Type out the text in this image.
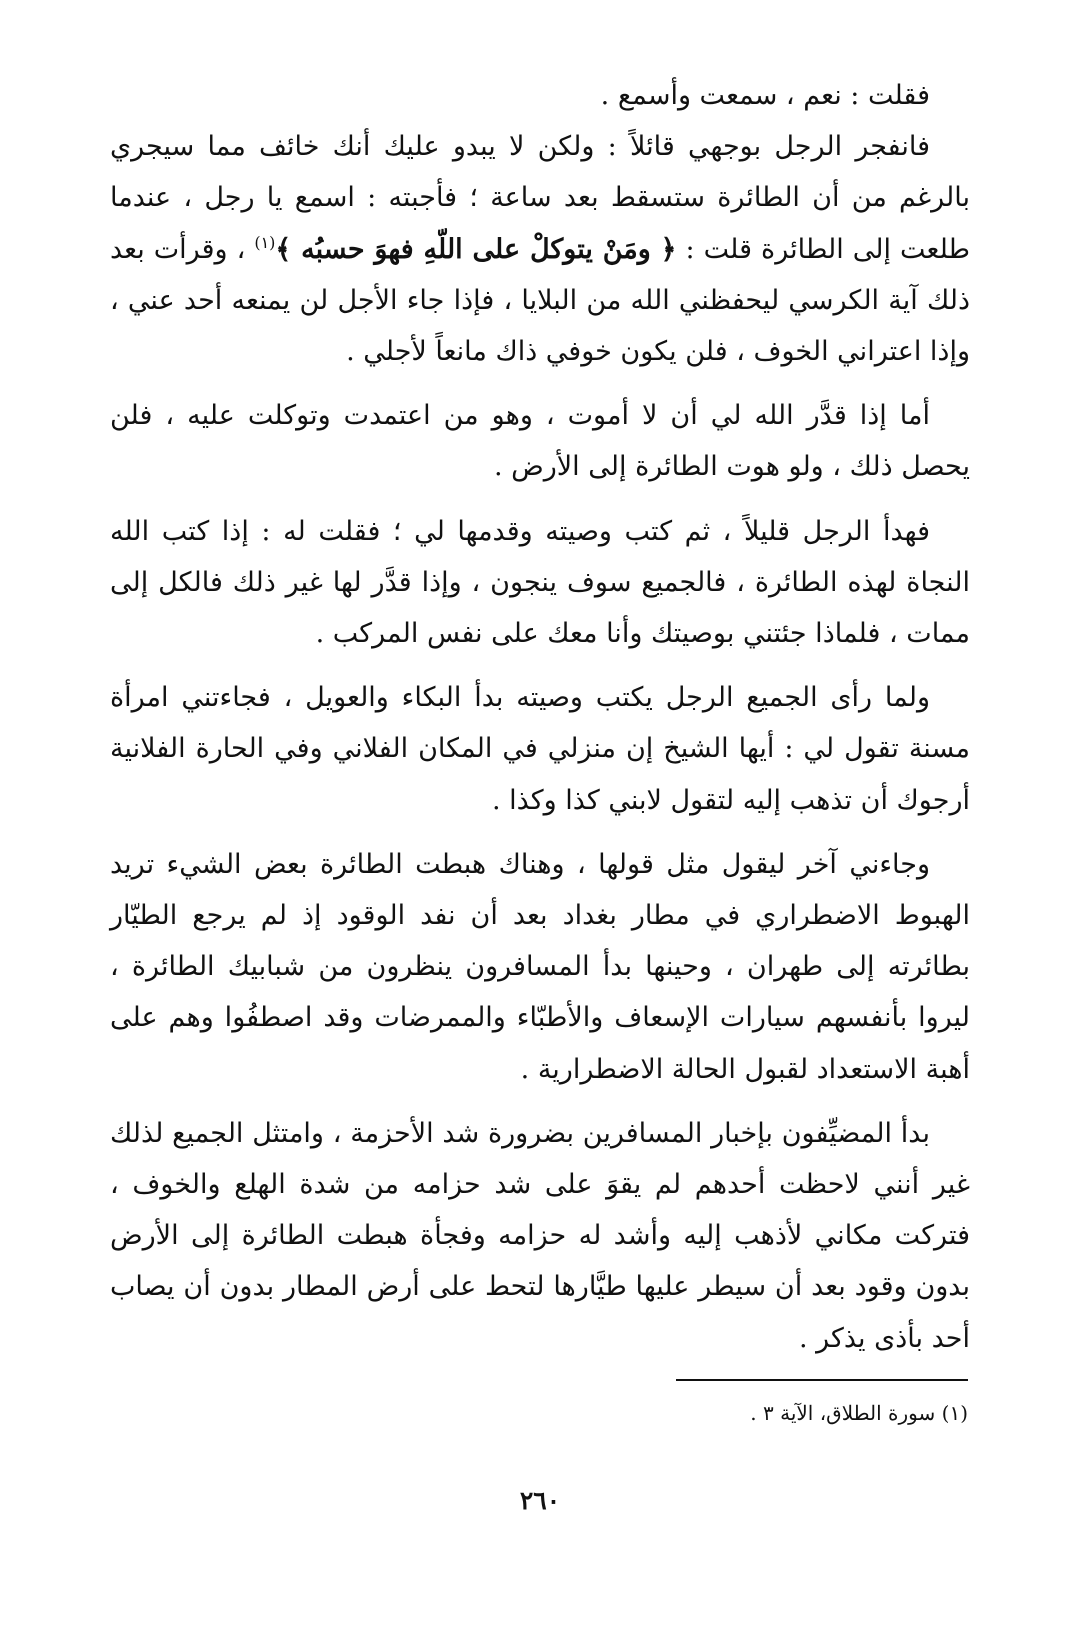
فقلت : نعم ، سمعت وأسمع .

فانفجر الرجل بوجهي قائلاً : ولكن لا يبدو عليك أنك خائف مما سيجري بالرغم من أن الطائرة ستسقط بعد ساعة ؛ فأجبته : اسمع يا رجل ، عندما طلعت إلى الطائرة قلت : ﴿ ومَنْ يتوكلْ على اللّهِ فهوَ حسبُه ﴾$^{(١)}$ ، وقرأت بعد ذلك آية الكرسي ليحفظني الله من البلايا ، فإذا جاء الأجل لن يمنعه أحد عني ، وإذا اعتراني الخوف ، فلن يكون خوفي ذاك مانعاً لأجلي .

أما إذا قدَّر الله لي أن لا أموت ، وهو من اعتمدت وتوكلت عليه ، فلن يحصل ذلك ، ولو هوت الطائرة إلى الأرض .

فهدأ الرجل قليلاً ، ثم كتب وصيته وقدمها لي ؛ فقلت له : إذا كتب الله النجاة لهذه الطائرة ، فالجميع سوف ينجون ، وإذا قدَّر لها غير ذلك فالكل إلى ممات ، فلماذا جئتني بوصيتك وأنا معك على نفس المركب .

ولما رأى الجميع الرجل يكتب وصيته بدأ البكاء والعويل ، فجاءتني امرأة مسنة تقول لي : أيها الشيخ إن منزلي في المكان الفلاني وفي الحارة الفلانية أرجوك أن تذهب إليه لتقول لابني كذا وكذا .

وجاءني آخر ليقول مثل قولها ، وهناك هبطت الطائرة بعض الشيء تريد الهبوط الاضطراري في مطار بغداد بعد أن نفد الوقود إذ لم يرجع الطيّار بطائرته إلى طهران ، وحينها بدأ المسافرون ينظرون من شبابيك الطائرة ، ليروا بأنفسهم سيارات الإسعاف والأطبّاء والممرضات وقد اصطفُوا وهم على أهبة الاستعداد لقبول الحالة الاضطرارية .

بدأ المضيِّفون بإخبار المسافرين بضرورة شد الأحزمة ، وامتثل الجميع لذلك غير أنني لاحظت أحدهم لم يقوَ على شد حزامه من شدة الهلع والخوف ، فتركت مكاني لأذهب إليه وأشد له حزامه وفجأة هبطت الطائرة إلى الأرض بدون وقود بعد أن سيطر عليها طيَّارها لتحط على أرض المطار بدون أن يصاب أحد بأذى يذكر .

(١) سورة الطلاق، الآية ٣ .
٢٦٠
